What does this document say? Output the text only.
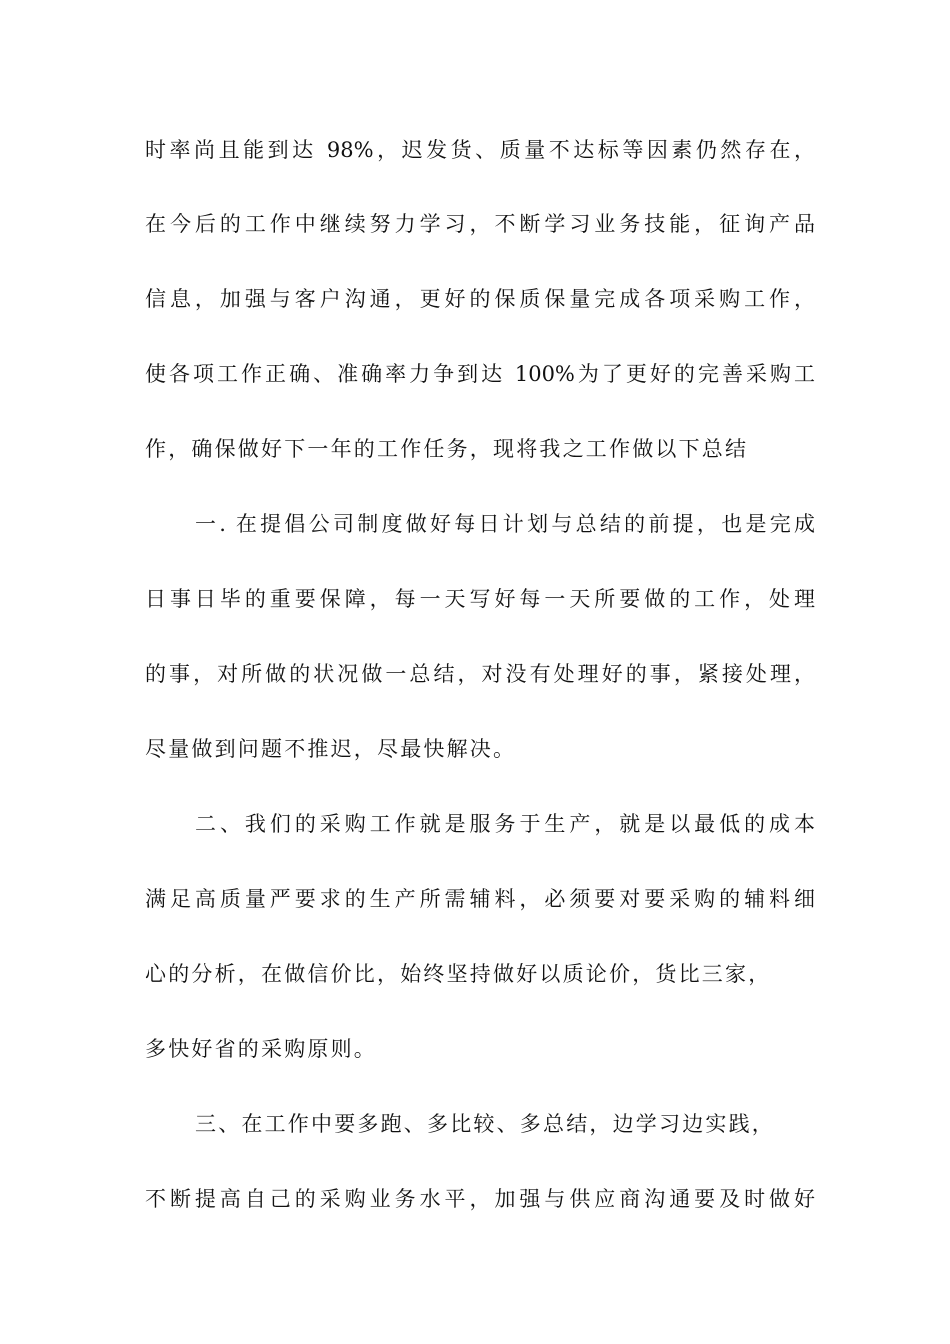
时率尚且能到达 98%，迟发货、质量不达标等因素仍然存在，
在今后的工作中继续努力学习，不断学习业务技能，征询产品
信息，加强与客户沟通，更好的保质保量完成各项采购工作，
使各项工作正确、准确率力争到达 100%为了更好的完善采购工
作，确保做好下一年的工作任务，现将我之工作做以下总结
一. 在提倡公司制度做好每日计划与总结的前提，也是完成
日事日毕的重要保障，每一天写好每一天所要做的工作，处理
的事，对所做的状况做一总结，对没有处理好的事，紧接处理，
尽量做到问题不推迟，尽最快解决。
二、我们的采购工作就是服务于生产，就是以最低的成本
满足高质量严要求的生产所需辅料，必须要对要采购的辅料细
心的分析，在做信价比，始终坚持做好以质论价，货比三家，
多快好省的采购原则。
三、在工作中要多跑、多比较、多总结，边学习边实践，
不断提高自己的采购业务水平，加强与供应商沟通要及时做好
